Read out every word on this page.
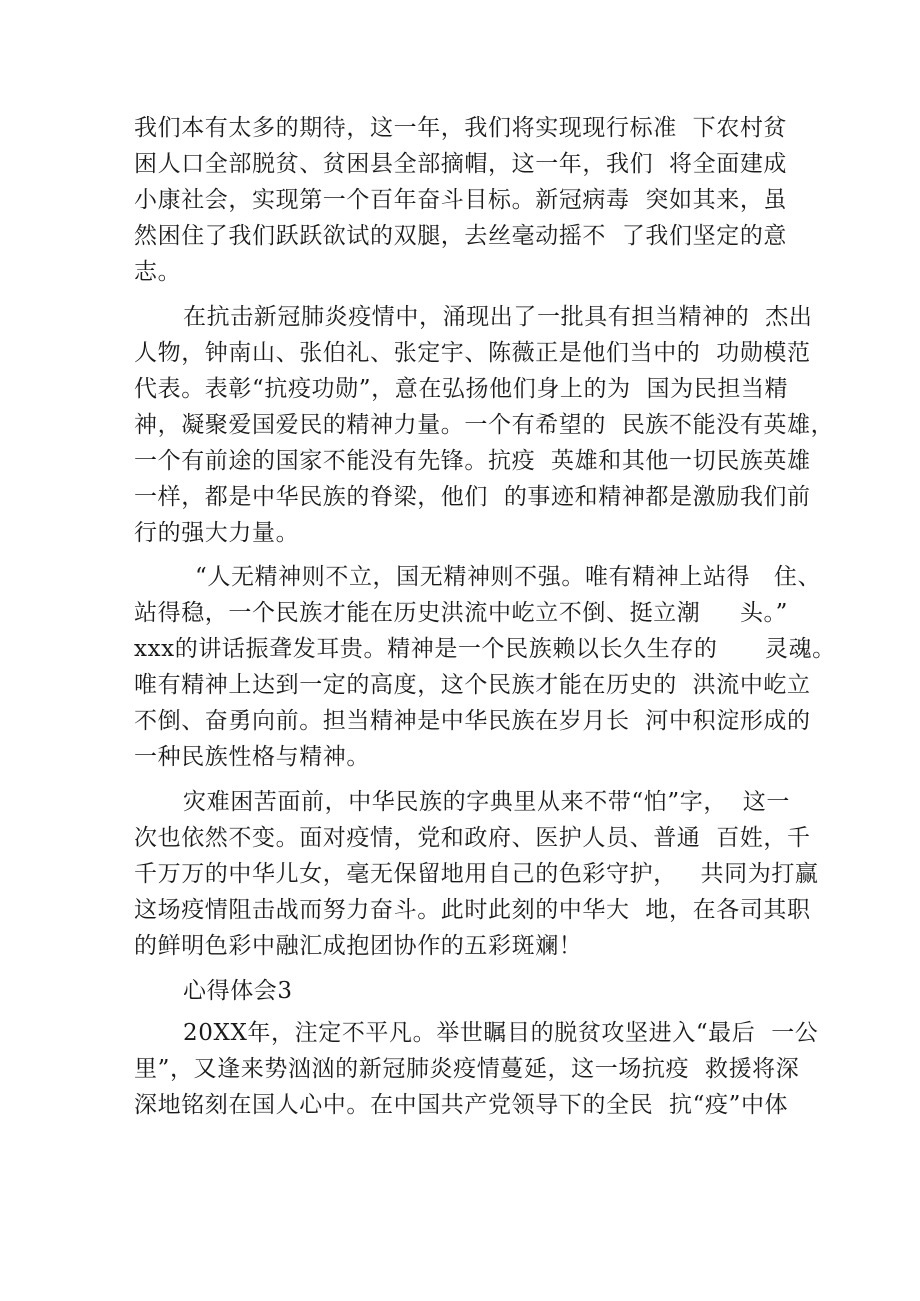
我们本有太多的期待，这一年，我们将实现现行标准  下农村贫
困人口全部脱贫、贫困县全部摘帽，这一年，我们  将全面建成
小康社会，实现第一个百年奋斗目标。新冠病毒  突如其来，虽
然困住了我们跃跃欲试的双腿，去丝毫动摇不  了我们坚定的意
志。
在抗击新冠肺炎疫情中，涌现出了一批具有担当精神的  杰出
人物，钟南山、张伯礼、张定宇、陈薇正是他们当中的  功勋模范
代表。表彰“抗疫功勋”，意在弘扬他们身上的为  国为民担当精
神，凝聚爱国爱民的精神力量。一个有希望的  民族不能没有英雄，
一个有前途的国家不能没有先锋。抗疫  英雄和其他一切民族英雄
一样，都是中华民族的脊梁，他们  的事迹和精神都是激励我们前
行的强大力量。
“人无精神则不立，国无精神则不强。唯有精神上站得   住、
站得稳，一个民族才能在历史洪流中屹立不倒、挺立潮     头。”
xxx的讲话振聋发耳贵。精神是一个民族赖以长久生存的      灵魂。
唯有精神上达到一定的高度，这个民族才能在历史的  洪流中屹立
不倒、奋勇向前。担当精神是中华民族在岁月长  河中积淀形成的
一种民族性格与精神。
灾难困苦面前，中华民族的字典里从来不带“怕”字，  这一
次也依然不变。面对疫情，党和政府、医护人员、普通  百姓，千
千万万的中华儿女，毫无保留地用自己的色彩守护，   共同为打赢
这场疫情阻击战而努力奋斗。此时此刻的中华大  地，在各司其职
的鲜明色彩中融汇成抱团协作的五彩斑斓！
心得体会3
20XX年，注定不平凡。举世瞩目的脱贫攻坚进入“最后  一公
里”，又逢来势汹汹的新冠肺炎疫情蔓延，这一场抗疫  救援将深
深地铭刻在国人心中。在中国共产党领导下的全民  抗“疫”中体
